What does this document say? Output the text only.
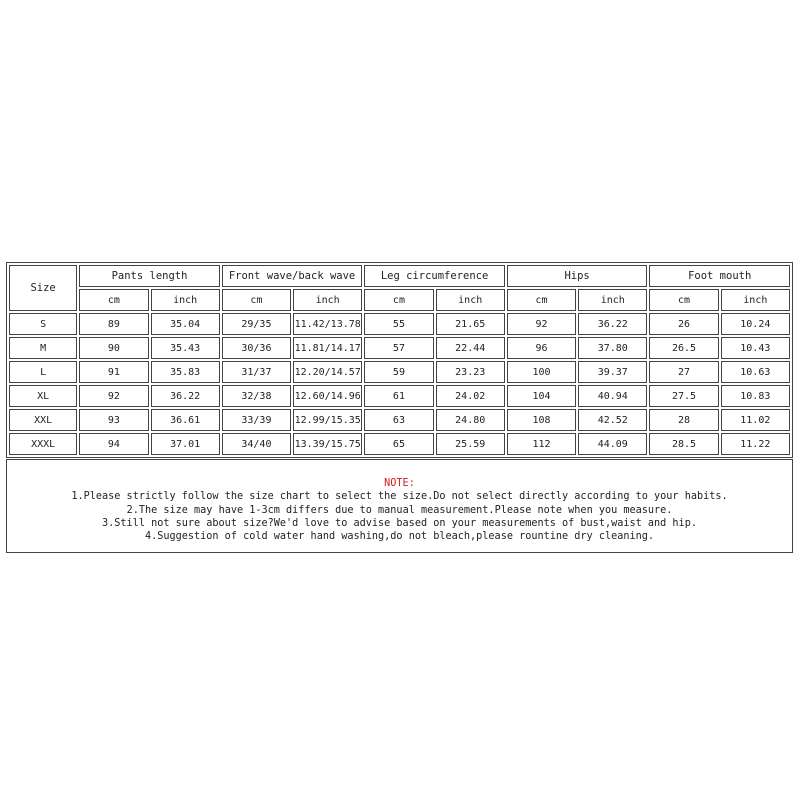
Size	Pants length		Front wave/back wave		Leg circumference		Hips		Foot mouth	
	cm	inch	cm	inch	cm	inch	cm	inch	cm	inch
S	89	35.04	29/35	11.42/13.78	55	21.65	92	36.22	26	10.24
M	90	35.43	30/36	11.81/14.17	57	22.44	96	37.80	26.5	10.43
L	91	35.83	31/37	12.20/14.57	59	23.23	100	39.37	27	10.63
XL	92	36.22	32/38	12.60/14.96	61	24.02	104	40.94	27.5	10.83
XXL	93	36.61	33/39	12.99/15.35	63	24.80	108	42.52	28	11.02
XXXL	94	37.01	34/40	13.39/15.75	65	25.59	112	44.09	28.5	11.22
NOTE:
1.Please strictly follow the size chart to select the size.Do not select directly according to your habits.
2.The size may have 1-3cm differs due to manual measurement.Please note when you measure.
3.Still not sure about size?We'd love to advise based on your measurements of bust,waist and hip.
4.Suggestion of cold water hand washing,do not bleach,please rountine dry cleaning.
